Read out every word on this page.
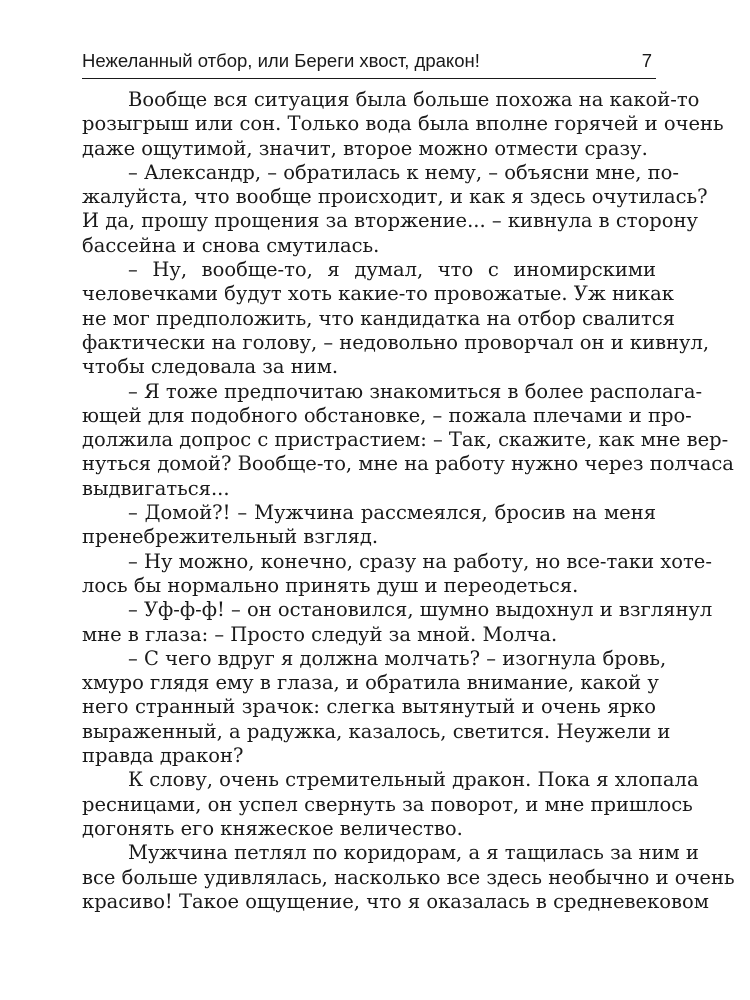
Нежеланный отбор, или Береги хвост, дракон!	7
Вообще вся ситуация была больше похожа на какой-то
розыгрыш или сон. Только вода была вполне горячей и очень
даже ощутимой, значит, второе можно отмести сразу.
– Александр, – обратилась к нему, – объясни мне, по-
жалуйста, что вообще происходит, и как я здесь очутилась?
И да, прошу прощения за вторжение... – кивнула в сторону
бассейна и снова смутилась.
– Ну, вообще-то, я думал, что с иномирскими
человечками будут хоть какие-то провожатые. Уж никак
не мог предположить, что кандидатка на отбор свалится
фактически на голову, – недовольно проворчал он и кивнул,
чтобы следовала за ним.
– Я тоже предпочитаю знакомиться в более располага-
ющей для подобного обстановке, – пожала плечами и про-
должила допрос с пристрастием: – Так, скажите, как мне вер-
нуться домой? Вообще-то, мне на работу нужно через полчаса
выдвигаться...
– Домой?! – Мужчина рассмеялся, бросив на меня
пренебрежительный взгляд.
– Ну можно, конечно, сразу на работу, но все-таки хоте-
лось бы нормально принять душ и переодеться.
– Уф-ф-ф! – он остановился, шумно выдохнул и взглянул
мне в глаза: – Просто следуй за мной. Молча.
– С чего вдруг я должна молчать? – изогнула бровь,
хмуро глядя ему в глаза, и обратила внимание, какой у
него странный зрачок: слегка вытянутый и очень ярко
выраженный, а радужка, казалось, светится. Неужели и
правда дракон?
К слову, очень стремительный дракон. Пока я хлопала
ресницами, он успел свернуть за поворот, и мне пришлось
догонять его княжеское величество.
Мужчина петлял по коридорам, а я тащилась за ним и
все больше удивлялась, насколько все здесь необычно и очень
красиво! Такое ощущение, что я оказалась в средневековом
